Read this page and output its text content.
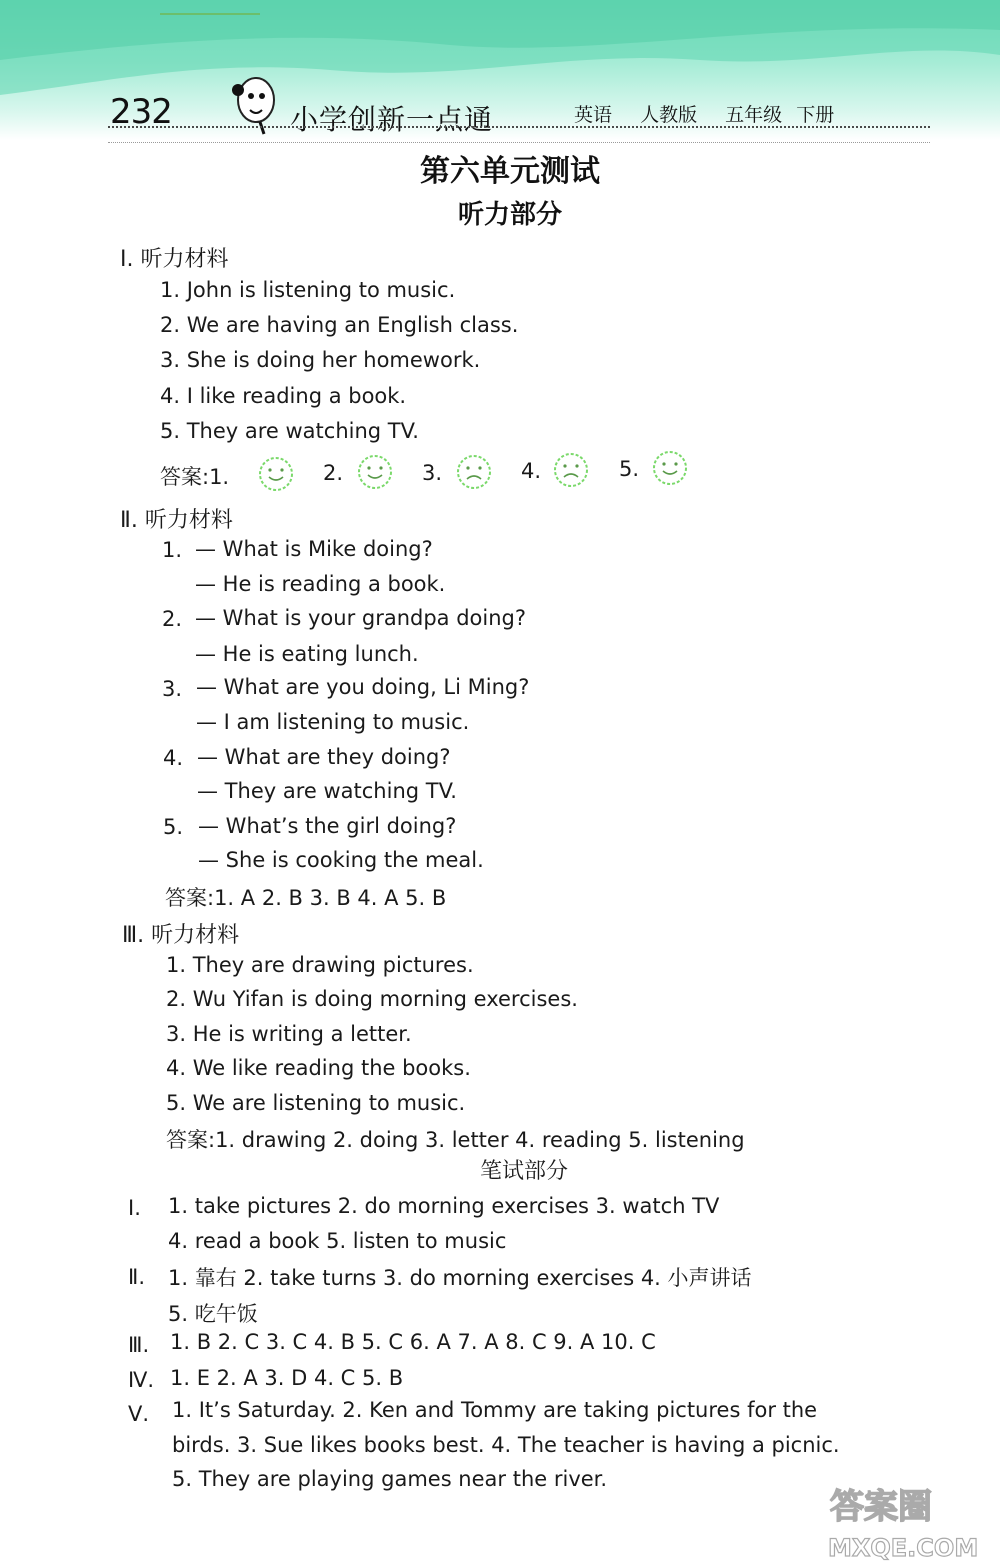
232	小学创新一点通	英语 人教版 五年级 下册
第六单元测试
听力部分
Ⅰ. 听力材料
1. John is listening to music.
2. We are having an English class.
3. She is doing her homework.
4. I like reading a book.
5. They are watching TV.
答案:1.	2.	3.	4.	5.
Ⅱ. 听力材料
1. — What is Mike doing?
— He is reading a book.
2. — What is your grandpa doing?
— He is eating lunch.
3. — What are you doing, Li Ming?
— I am listening to music.
4. — What are they doing?
— They are watching TV.
5. — What’s the girl doing?
— She is cooking the meal.
答案:1. A 2. B 3. B 4. A 5. B
Ⅲ. 听力材料
1. They are drawing pictures.
2. Wu Yifan is doing morning exercises.
3. He is writing a letter.
4. We like reading the books.
5. We are listening to music.
答案:1. drawing 2. doing 3. letter 4. reading 5. listening
笔试部分
Ⅰ. 1. take pictures 2. do morning exercises 3. watch TV
4. read a book 5. listen to music
Ⅱ. 1. 靠右 2. take turns 3. do morning exercises 4. 小声讲话
5. 吃午饭
Ⅲ. 1. B 2. C 3. C 4. B 5. C 6. A 7. A 8. C 9. A 10. C
Ⅳ. 1. E 2. A 3. D 4. C 5. B
Ⅴ. 1. It’s Saturday. 2. Ken and Tommy are taking pictures for the
birds. 3. Sue likes books best. 4. The teacher is having a picnic.
5. They are playing games near the river.
答案圈
MXQE.COM
